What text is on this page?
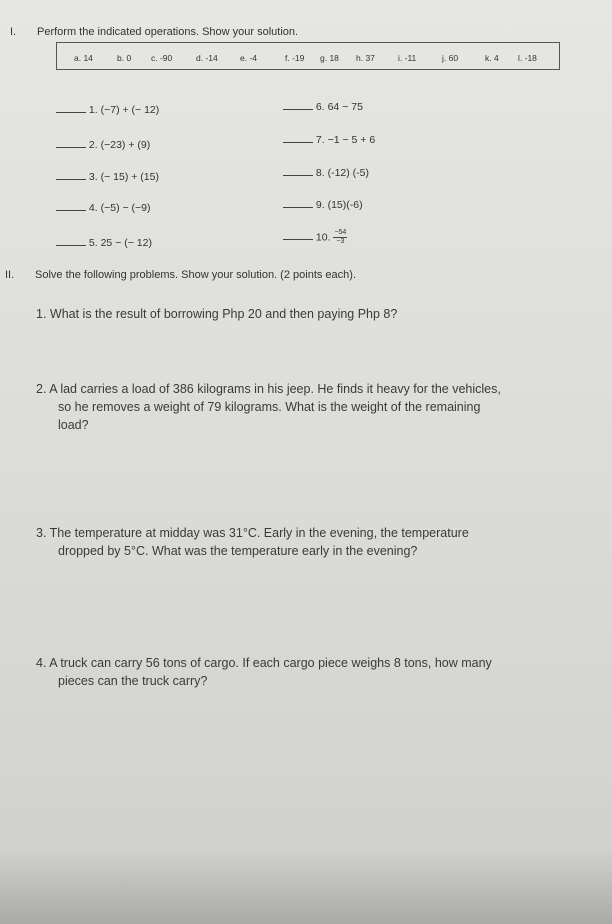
I. Perform the indicated operations. Show your solution.
a. 14	b. 0 c. -90	d. -14	e. -4	f. -19 g. 18 h. 37	i. -11	j. 60	k. 4 l. -18
1. (−7) + (− 12)
2. (−23) + (9)
3. (− 15) + (15)
4. (−5) − (−9)
5. 25 − (− 12)
6. 64 − 75
7. −1 − 5 + 6
8. (-12) (-5)
9. (15)(-6)
10. $\frac{-54}{-3}$
II. Solve the following problems. Show your solution. (2 points each).
1. What is the result of borrowing Php 20 and then paying Php 8?
2. A lad carries a load of 386 kilograms in his jeep. He finds it heavy for the vehicles,
so he removes a weight of 79 kilograms. What is the weight of the remaining
load?
3. The temperature at midday was 31°C. Early in the evening, the temperature
dropped by 5°C. What was the temperature early in the evening?
4. A truck can carry 56 tons of cargo. If each cargo piece weighs 8 tons, how many
pieces can the truck carry?
